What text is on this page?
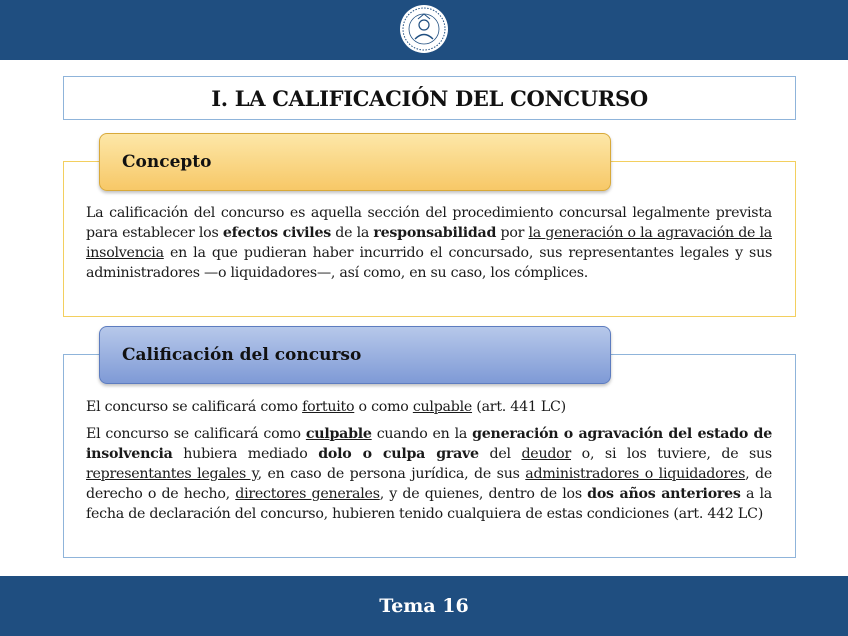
I. LA CALIFICACIÓN DEL CONCURSO
Concepto
La calificación del concurso es aquella sección del procedimiento concursal legalmente prevista para establecer los efectos civiles de la responsabilidad por la generación o la agravación de la insolvencia en la que pudieran haber incurrido el concursado, sus representantes legales y sus administradores —o liquidadores—, así como, en su caso, los cómplices.
Calificación del concurso
El concurso se calificará como fortuito o como culpable (art. 441 LC)
El concurso se calificará como culpable cuando en la generación o agravación del estado de insolvencia hubiera mediado dolo o culpa grave del deudor o, si los tuviere, de sus representantes legales y, en caso de persona jurídica, de sus administradores o liquidadores, de derecho o de hecho, directores generales, y de quienes, dentro de los dos años anteriores a la fecha de declaración del concurso, hubieren tenido cualquiera de estas condiciones (art. 442 LC)
Tema 16
